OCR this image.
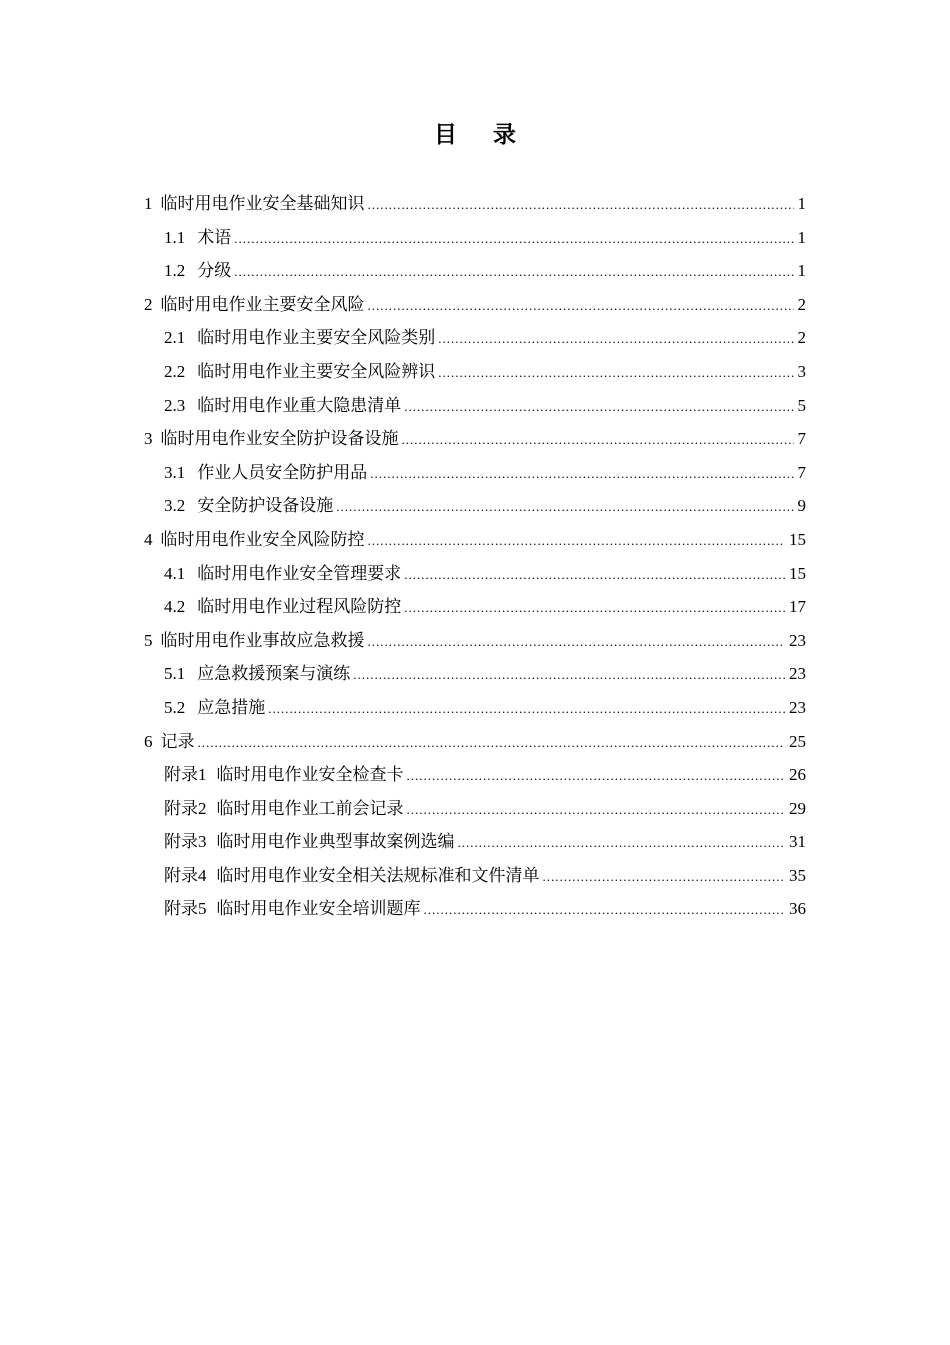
目 录
1 临时用电作业安全基础知识 .....	1
1.1 术语 .....	1
1.2 分级 .....	1
2 临时用电作业主要安全风险 .....	2
2.1 临时用电作业主要安全风险类别 .....	2
2.2 临时用电作业主要安全风险辨识 .....	3
2.3 临时用电作业重大隐患清单 .....	5
3 临时用电作业安全防护设备设施 .....	7
3.1 作业人员安全防护用品 .....	7
3.2 安全防护设备设施 .....	9
4 临时用电作业安全风险防控 .....	15
4.1 临时用电作业安全管理要求 .....	15
4.2 临时用电作业过程风险防控 .....	17
5 临时用电作业事故应急救援 .....	23
5.1 应急救援预案与演练 .....	23
5.2 应急措施 .....	23
6 记录 .....	25
附录 1 临时用电作业安全检查卡 .....	26
附录 2 临时用电作业工前会记录 .....	29
附录 3 临时用电作业典型事故案例选编 .....	31
附录 4 临时用电作业安全相关法规标准和文件清单 .....	35
附录 5 临时用电作业安全培训题库 .....	36
